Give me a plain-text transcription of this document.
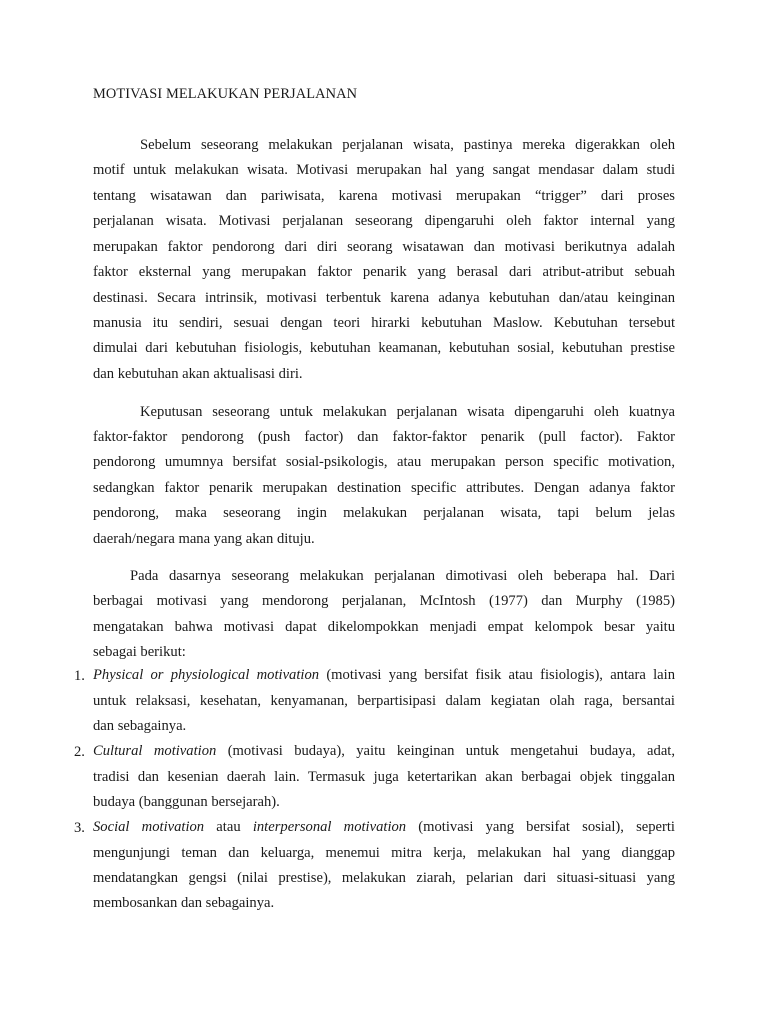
MOTIVASI MELAKUKAN PERJALANAN
Sebelum seseorang melakukan perjalanan wisata, pastinya mereka digerakkan oleh
motif untuk melakukan wisata. Motivasi merupakan hal yang sangat mendasar dalam studi
tentang wisatawan dan pariwisata, karena motivasi merupakan “trigger” dari proses
perjalanan wisata. Motivasi perjalanan seseorang dipengaruhi oleh faktor internal yang
merupakan faktor pendorong dari diri seorang wisatawan dan motivasi berikutnya adalah
faktor eksternal yang merupakan faktor penarik yang berasal dari atribut-atribut sebuah
destinasi. Secara intrinsik, motivasi terbentuk karena adanya kebutuhan dan/atau keinginan
manusia itu sendiri, sesuai dengan teori hirarki kebutuhan Maslow. Kebutuhan tersebut
dimulai dari kebutuhan fisiologis, kebutuhan keamanan, kebutuhan sosial, kebutuhan prestise
dan kebutuhan akan aktualisasi diri.
Keputusan seseorang untuk melakukan perjalanan wisata dipengaruhi oleh kuatnya
faktor-faktor pendorong (push factor) dan faktor-faktor penarik (pull factor). Faktor
pendorong umumnya bersifat sosial-psikologis, atau merupakan person specific motivation,
sedangkan faktor penarik merupakan destination specific attributes. Dengan adanya faktor
pendorong, maka seseorang ingin melakukan perjalanan wisata, tapi belum jelas
daerah/negara mana yang akan dituju.
Pada dasarnya seseorang melakukan perjalanan dimotivasi oleh beberapa hal. Dari
berbagai motivasi yang mendorong perjalanan, McIntosh (1977) dan Murphy (1985)
mengatakan bahwa motivasi dapat dikelompokkan menjadi empat kelompok besar yaitu
sebagai berikut:
1. Physical or physiological motivation (motivasi yang bersifat fisik atau fisiologis), antara lain
untuk relaksasi, kesehatan, kenyamanan, berpartisipasi dalam kegiatan olah raga, bersantai
dan sebagainya.
2. Cultural motivation (motivasi budaya), yaitu keinginan untuk mengetahui budaya, adat,
tradisi dan kesenian daerah lain. Termasuk juga ketertarikan akan berbagai objek tinggalan
budaya (banggunan bersejarah).
3. Social motivation atau interpersonal motivation (motivasi yang bersifat sosial), seperti
mengunjungi teman dan keluarga, menemui mitra kerja, melakukan hal yang dianggap
mendatangkan gengsi (nilai prestise), melakukan ziarah, pelarian dari situasi-situasi yang
membosankan dan sebagainya.
